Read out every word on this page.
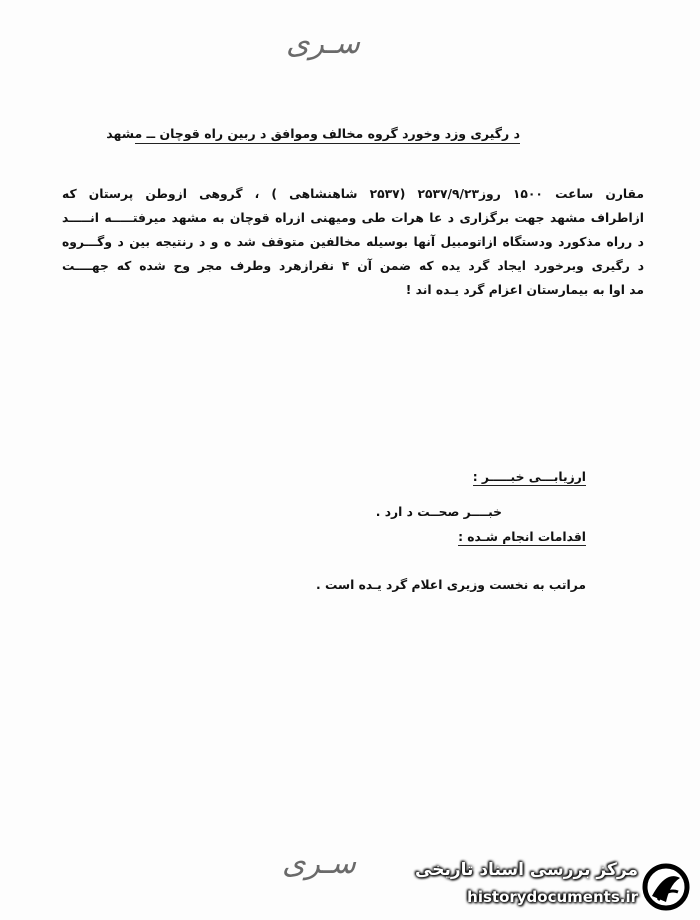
سـرى
د رگیری وزد وخورد گروه مخالف وموافق د ربین راه قوچان ــ مشهد
مقارن ساعت ۱۵۰۰ روز۲۵۳۷/۹/۲۳ (۲۵۳۷ شاهنشاهی ) ، گروهی ازوطن پرستان که
ازاطراف مشهد جهت برگزاری د عا هرات طی ومیهنی ازراه قوچان به مشهد میرفتـــــه انـــــد
د رراه مذکورد ودستگاه ازاتومبیل آنها بوسیله مخالفین متوقف شد ه و د رنتیجه بین د وگـــروه
د رگیری وبرخورد ایجاد گرد یده که ضمن آن ۴ نفرازهرد وطرف مجر وح شده که جهــــت
مد اوا به بیمارستان اعزام گرد یـده اند !
ارزیابـــی خبـــــر :
خبــــر صحــت د ارد .
اقدامات انجام شـده :
مراتب به نخست وزیری اعلام گرد یـده است .
سـرى	مرکز بررسی اسناد تاریخی
historydocuments.ir
